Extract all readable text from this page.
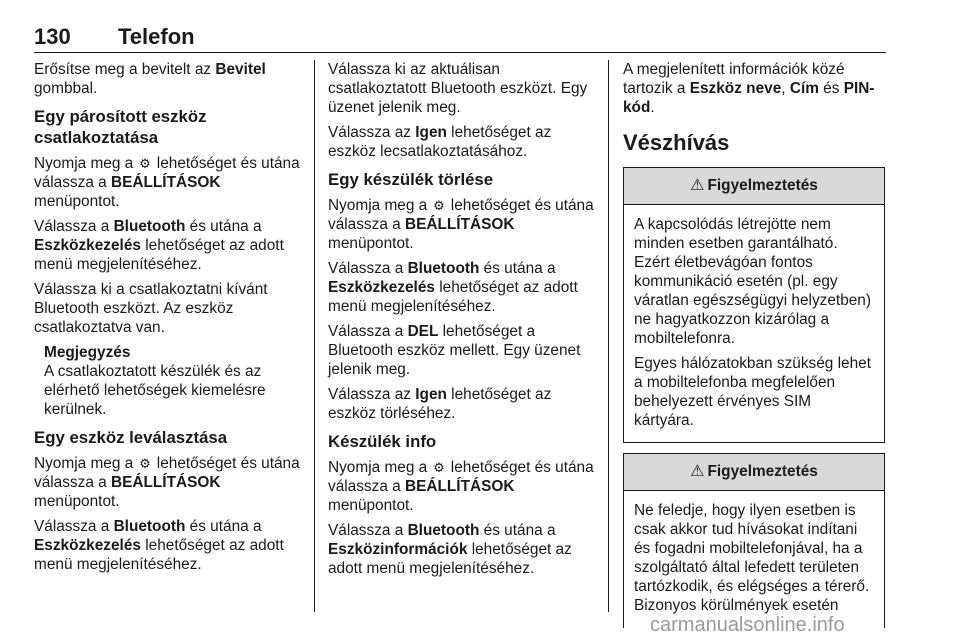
130 Telefon

Erősítse meg a bevitelt az Bevitel gombbal.

Egy párosított eszköz csatlakoztatása

Nyomja meg a ⚙ lehetőséget és utána válassza a BEÁLLÍTÁSOK menüpontot.

Válassza a Bluetooth és utána a Eszközkezelés lehetőséget az adott menü megjelenítéséhez.

Válassza ki a csatlakoztatni kívánt Bluetooth eszközt. Az eszköz csatlakoztatva van.

Megjegyzés
A csatlakoztatott készülék és az elérhető lehetőségek kiemelésre kerülnek.
Egy eszköz leválasztása

Nyomja meg a ⚙ lehetőséget és utána válassza a BEÁLLÍTÁSOK menüpontot.

Válassza a Bluetooth és utána a Eszközkezelés lehetőséget az adott menü megjelenítéséhez.

Válassza ki az aktuálisan csatlakoztatott Bluetooth eszközt. Egy üzenet jelenik meg.

Válassza az Igen lehetőséget az eszköz lecsatlakoztatásához.

Egy készülék törlése

Nyomja meg a ⚙ lehetőséget és utána válassza a BEÁLLÍTÁSOK menüpontot.

Válassza a Bluetooth és utána a Eszközkezelés lehetőséget az adott menü megjelenítéséhez.

Válassza a DEL lehetőséget a Bluetooth eszköz mellett. Egy üzenet jelenik meg.

Válassza az Igen lehetőséget az eszköz törléséhez.

Készülék info

Nyomja meg a ⚙ lehetőséget és utána válassza a BEÁLLÍTÁSOK menüpontot.

Válassza a Bluetooth és utána a Eszközinformációk lehetőséget az adott menü megjelenítéséhez.

A megjelenített információk közé tartozik a Eszköz neve, Cím és PIN-kód.

Vészhívás
⚠ Figyelmeztetés

A kapcsolódás létrejötte nem minden esetben garantálható. Ezért életbevágóan fontos kommunikáció esetén (pl. egy váratlan egészségügyi helyzetben) ne hagyatkozzon kizárólag a mobiltelefonra.

Egyes hálózatokban szükség lehet a mobiltelefonba megfelelően behelyezett érvényes SIM kártyára.

⚠ Figyelmeztetés

Ne feledje, hogy ilyen esetben is csak akkor tud hívásokat indítani és fogadni mobiltelefonjával, ha a szolgáltató által lefedett területen tartózkodik, és elégséges a térerő. Bizonyos körülmények esetén

carmanualsonline.info
